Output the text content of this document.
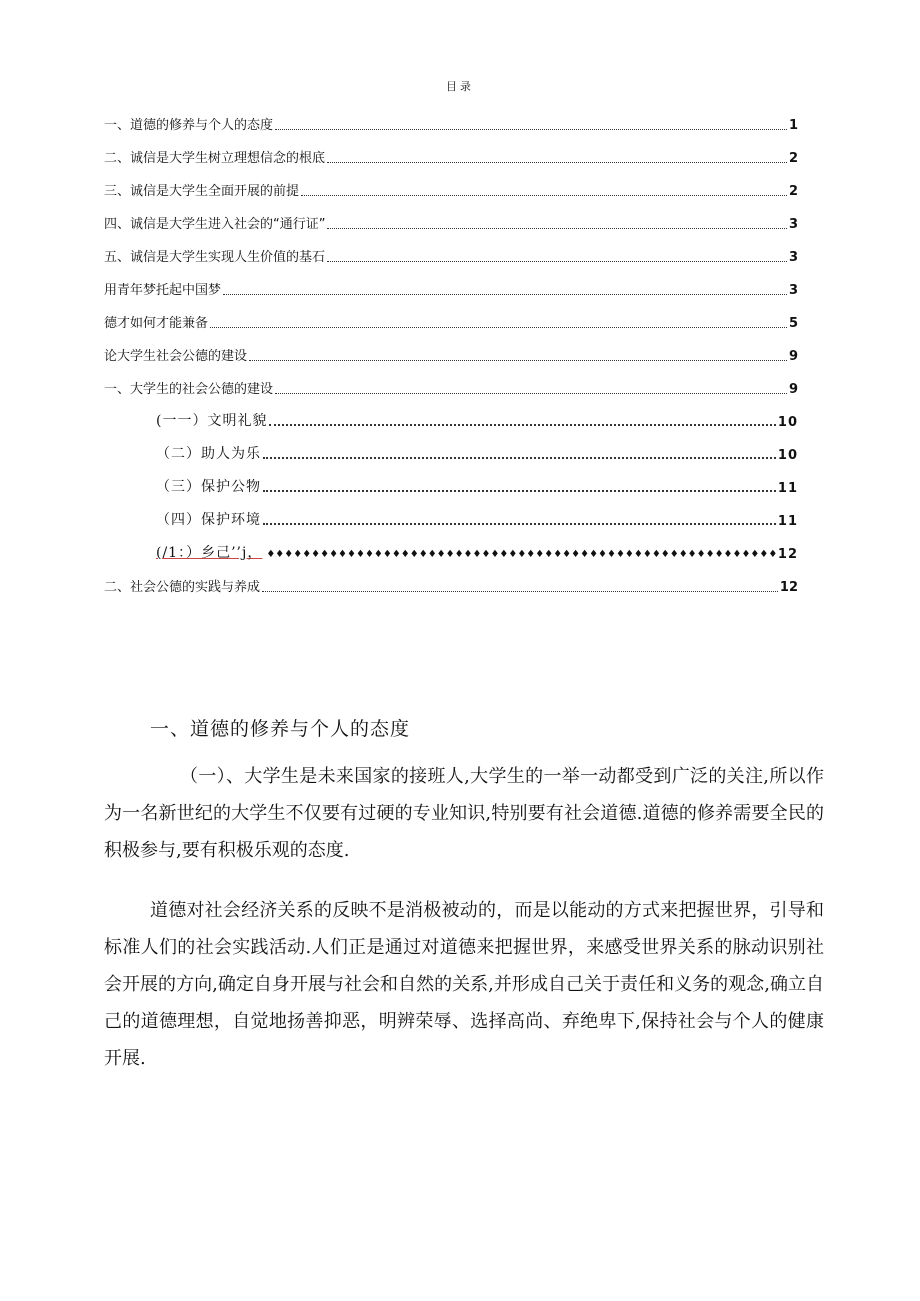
目录
一、道德的修养与个人的态度	1
二、诚信是大学生树立理想信念的根底	2
三、诚信是大学生全面开展的前提	2
四、诚信是大学生进入社会的“通行证”	3
五、诚信是大学生实现人生价值的基石	3
用青年梦托起中国梦	3
德才如何才能兼备	5
论大学生社会公德的建设	9
一、大学生的社会公德的建设	9
(一一）文明礼貌	10
（二）助人为乐	10
（三）保护公物	11
（四）保护环境	11
(/1：）乡己’’j， ♦♦♦♦♦♦♦♦♦♦♦♦♦♦♦♦♦♦♦♦♦♦♦♦♦♦♦♦♦♦♦♦♦♦♦♦♦♦♦♦♦♦♦♦♦♦♦♦♦♦♦♦♦♦♦♦♦ 12
二、社会公德的实践与养成	12
一、道德的修养与个人的态度

（一）、大学生是未来国家的接班人,大学生的一举一动都受到广泛的关注,所以作为一名新世纪的大学生不仅要有过硬的专业知识,特别要有社会道德.道德的修养需要全民的积极参与,要有积极乐观的态度.

道德对社会经济关系的反映不是消极被动的，而是以能动的方式来把握世界，引导和标准人们的社会实践活动.人们正是通过对道德来把握世界，来感受世界关系的脉动识别社会开展的方向,确定自身开展与社会和自然的关系,并形成自己关于责任和义务的观念,确立自己的道德理想，自觉地扬善抑恶，明辨荣辱、选择高尚、弃绝卑下,保持社会与个人的健康开展.
